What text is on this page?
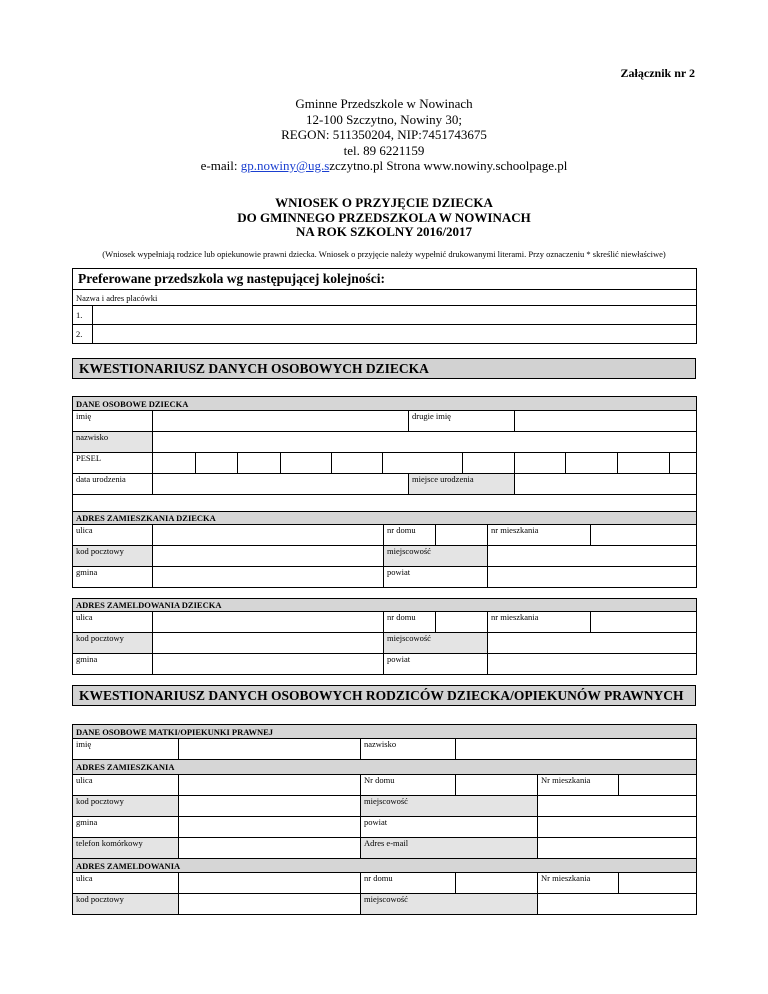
Załącznik nr 2
Gminne Przedszkole w Nowinach
12-100 Szczytno, Nowiny 30;
REGON: 511350204, NIP:7451743675
tel. 89 6221159
e-mail: gp.nowiny@ug.szczytno.pl Strona www.nowiny.schoolpage.pl
WNIOSEK O PRZYJĘCIE DZIECKA
DO GMINNEGO PRZEDSZKOLA W NOWINACH
NA ROK SZKOLNY 2016/2017
(Wniosek wypełniają rodzice lub opiekunowie prawni dziecka. Wniosek o przyjęcie należy wypełnić drukowanymi literami. Przy oznaczeniu * skreślić niewłaściwe)
Preferowane przedszkola wg następującej kolejności:	
Nazwa i adres placówki	
1.	
2.	
KWESTIONARIUSZ DANYCH OSOBOWYCH DZIECKA
DANE OSOBOWE DZIECKA												
imię							drugie imię					
nazwisko												
PESEL												
data urodzenia							miejsce urodzenia					

ADRES ZAMIESZKANIA DZIECKA					
ulica		nr domu		nr mieszkania	
kod pocztowy		miejscowość			
gmina		powiat			
ADRES ZAMELDOWANIA DZIECKA					
ulica		nr domu		nr mieszkania	
kod pocztowy		miejscowość			
gmina		powiat			
KWESTIONARIUSZ DANYCH OSOBOWYCH RODZICÓW DZIECKA/OPIEKUNÓW PRAWNYCH
DANE OSOBOWE MATKI/OPIEKUNKI PRAWNEJ					
imię		nazwisko			
ADRES ZAMIESZKANIA					
ulica		Nr domu		Nr mieszkania	
kod pocztowy		miejscowość			
gmina		powiat			
telefon komórkowy		Adres e-mail			
ADRES ZAMELDOWANIA					
ulica		nr domu		Nr mieszkania	
kod pocztowy		miejscowość			
